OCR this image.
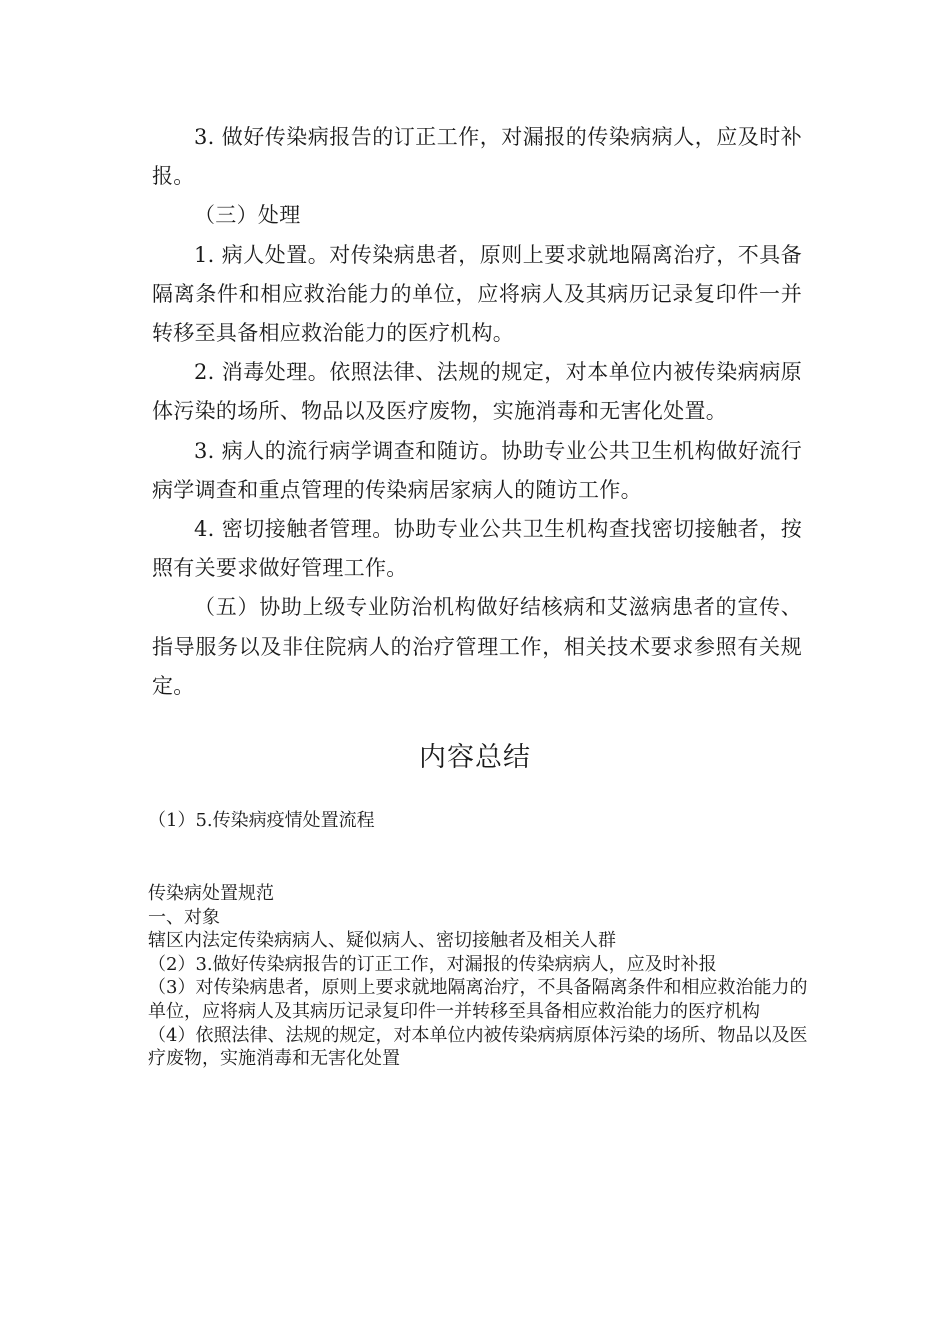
3. 做好传染病报告的订正工作，对漏报的传染病病人，应及时补报。

（三）处理

1. 病人处置。对传染病患者，原则上要求就地隔离治疗，不具备隔离条件和相应救治能力的单位，应将病人及其病历记录复印件一并转移至具备相应救治能力的医疗机构。

2. 消毒处理。依照法律、法规的规定，对本单位内被传染病病原体污染的场所、物品以及医疗废物，实施消毒和无害化处置。

3. 病人的流行病学调查和随访。协助专业公共卫生机构做好流行病学调查和重点管理的传染病居家病人的随访工作。

4. 密切接触者管理。协助专业公共卫生机构查找密切接触者，按照有关要求做好管理工作。

（五）协助上级专业防治机构做好结核病和艾滋病患者的宣传、指导服务以及非住院病人的治疗管理工作，相关技术要求参照有关规定。

内容总结
（1）5.传染病疫情处置流程

传染病处置规范

一、对象

辖区内法定传染病病人、疑似病人、密切接触者及相关人群

（2）3.做好传染病报告的订正工作，对漏报的传染病病人，应及时补报

（3）对传染病患者，原则上要求就地隔离治疗，不具备隔离条件和相应救治能力的单位，应将病人及其病历记录复印件一并转移至具备相应救治能力的医疗机构

（4）依照法律、法规的规定，对本单位内被传染病病原体污染的场所、物品以及医疗废物，实施消毒和无害化处置
